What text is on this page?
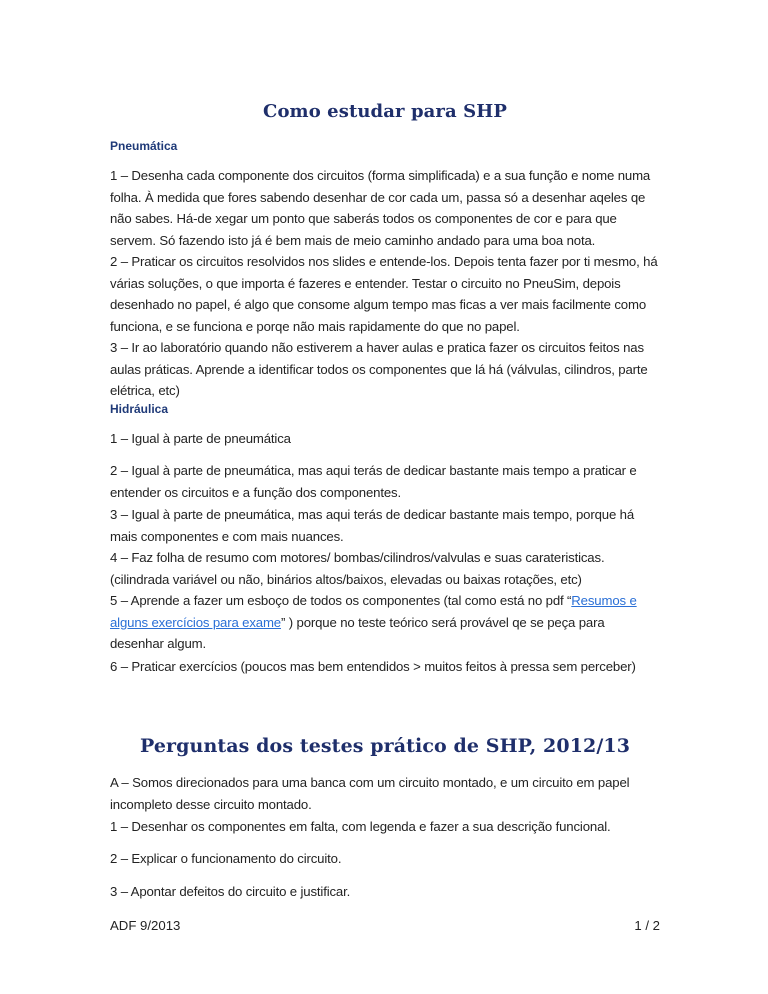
Como estudar para SHP
Pneumática

1 – Desenha cada componente dos circuitos (forma simplificada) e a sua função e nome numa folha. À medida que fores sabendo desenhar de cor cada um, passa só a desenhar aqeles qe não sabes. Há-de xegar um ponto que saberás todos os componentes de cor e para que servem. Só fazendo isto já é bem mais de meio caminho andado para uma boa nota.

2 – Praticar os circuitos resolvidos nos slides e entende-los. Depois tenta fazer por ti mesmo, há várias soluções, o que importa é fazeres e entender. Testar o circuito no PneuSim, depois desenhado no papel, é algo que consome algum tempo mas ficas a ver mais facilmente como funciona, e se funciona e porqe não mais rapidamente do que no papel.

3 – Ir ao laboratório quando não estiverem a haver aulas e pratica fazer os circuitos feitos nas aulas práticas. Aprende a identificar todos os componentes que lá há (válvulas, cilindros, parte elétrica, etc)

Hidráulica

1 – Igual à parte de pneumática

2 – Igual à parte de pneumática, mas aqui terás de dedicar bastante mais tempo a praticar e entender os circuitos e a função dos componentes.

3 – Igual à parte de pneumática, mas aqui terás de dedicar bastante mais tempo, porque há mais componentes e com mais nuances.

4 – Faz folha de resumo com motores/ bombas/cilindros/valvulas e suas carateristicas. (cilindrada variável ou não, binários altos/baixos, elevadas ou baixas rotações, etc)

5 – Aprende a fazer um esboço de todos os componentes (tal como está no pdf “Resumos e alguns exercícios para exame” ) porque no teste teórico será provável qe se peça para desenhar algum.

6 – Praticar exercícios (poucos mas bem entendidos > muitos feitos à pressa sem perceber)

Perguntas dos testes prático de SHP, 2012/13

A – Somos direcionados para uma banca com um circuito montado, e um circuito em papel incompleto desse circuito montado.

1 – Desenhar os componentes em falta, com legenda e fazer a sua descrição funcional.

2 – Explicar o funcionamento do circuito.

3 – Apontar defeitos do circuito e justificar.

ADF 9/2013	1 / 2
